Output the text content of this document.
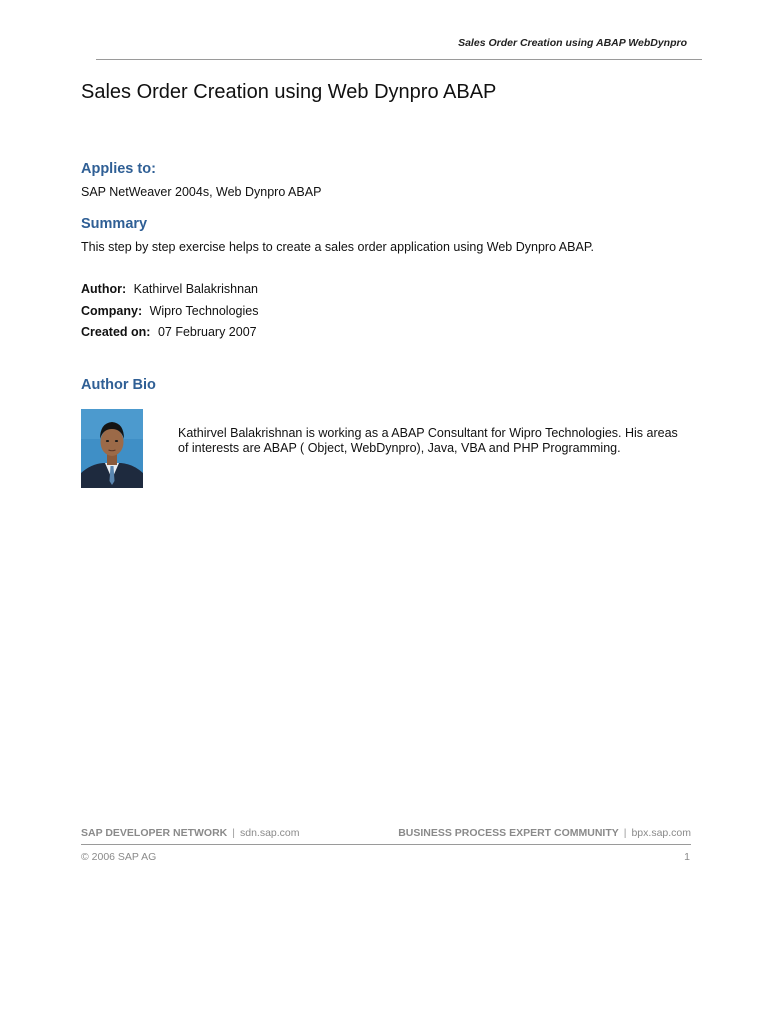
Sales Order Creation using ABAP WebDynpro
Sales Order Creation using Web Dynpro ABAP
Applies to:
SAP NetWeaver 2004s, Web Dynpro ABAP
Summary
This step by step exercise helps to create a sales order application using Web Dynpro ABAP.
Author: Kathirvel Balakrishnan
Company: Wipro Technologies
Created on: 07 February 2007
Author Bio
Kathirvel Balakrishnan is working as a ABAP Consultant for Wipro Technologies. His areas
of interests are ABAP ( Object, WebDynpro), Java, VBA and PHP Programming.
SAP DEVELOPER NETWORK | sdn.sap.com	BUSINESS PROCESS EXPERT COMMUNITY | bpx.sap.com
© 2006 SAP AG	1
